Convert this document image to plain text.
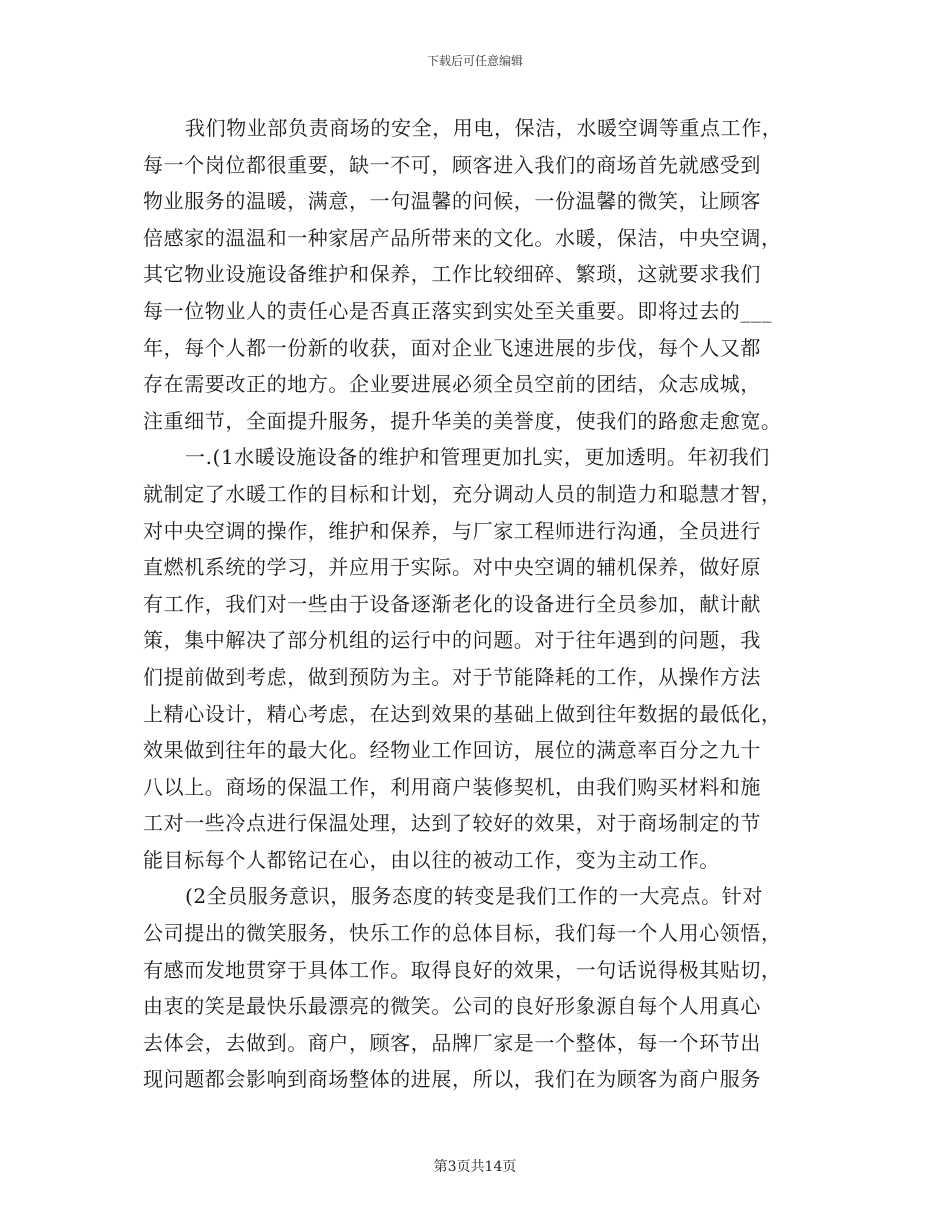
下载后可任意编辑
我们物业部负责商场的安全，用电，保洁，水暖空调等重点工作，
每一个岗位都很重要，缺一不可，顾客进入我们的商场首先就感受到
物业服务的温暖，满意，一句温馨的问候，一份温馨的微笑，让顾客
倍感家的温温和一种家居产品所带来的文化。水暖，保洁，中央空调，
其它物业设施设备维护和保养，工作比较细碎、繁琐，这就要求我们
每一位物业人的责任心是否真正落实到实处至关重要。即将过去的___
年，每个人都一份新的收获，面对企业飞速进展的步伐，每个人又都
存在需要改正的地方。企业要进展必须全员空前的团结，众志成城，
注重细节，全面提升服务，提升华美的美誉度，使我们的路愈走愈宽。
一.(1水暖设施设备的维护和管理更加扎实，更加透明。年初我们
就制定了水暖工作的目标和计划，充分调动人员的制造力和聪慧才智，
对中央空调的操作，维护和保养，与厂家工程师进行沟通，全员进行
直燃机系统的学习，并应用于实际。对中央空调的辅机保养，做好原
有工作，我们对一些由于设备逐渐老化的设备进行全员参加，献计献
策，集中解决了部分机组的运行中的问题。对于往年遇到的问题，我
们提前做到考虑，做到预防为主。对于节能降耗的工作，从操作方法
上精心设计，精心考虑，在达到效果的基础上做到往年数据的最低化，
效果做到往年的最大化。经物业工作回访，展位的满意率百分之九十
八以上。商场的保温工作，利用商户装修契机，由我们购买材料和施
工对一些冷点进行保温处理，达到了较好的效果，对于商场制定的节
能目标每个人都铭记在心，由以往的被动工作，变为主动工作。
(2全员服务意识，服务态度的转变是我们工作的一大亮点。针对
公司提出的微笑服务，快乐工作的总体目标，我们每一个人用心领悟，
有感而发地贯穿于具体工作。取得良好的效果，一句话说得极其贴切，
由衷的笑是最快乐最漂亮的微笑。公司的良好形象源自每个人用真心
去体会，去做到。商户，顾客，品牌厂家是一个整体，每一个环节出
现问题都会影响到商场整体的进展，所以，我们在为顾客为商户服务
第3页共14页
